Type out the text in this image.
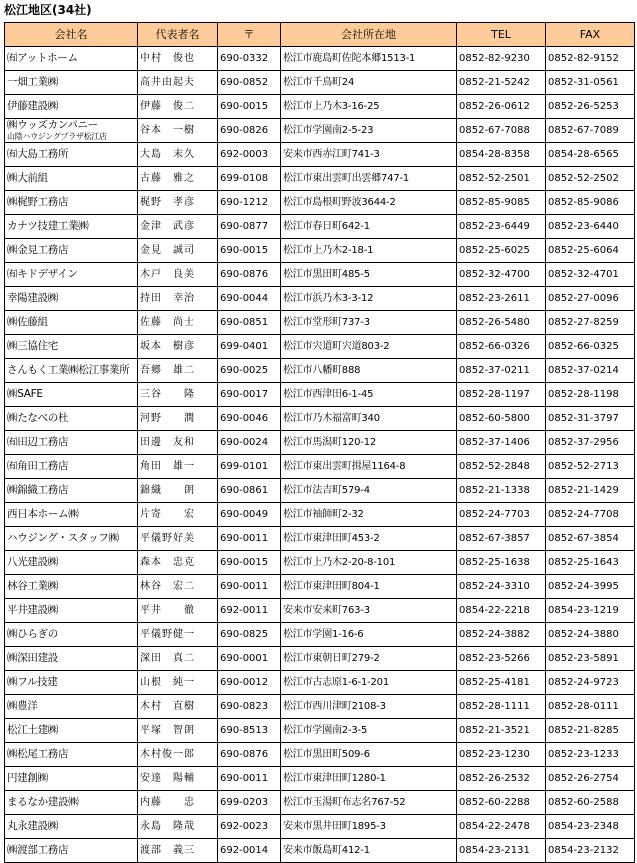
松江地区(34社)
会社名	代表者名	〒	会社所在地	TEL	FAX
㈲アットホーム	中村　俊也	690-0332	松江市鹿島町佐陀本郷1513-1	0852-82-9230	0852-82-9152
一畑工業㈱	高井由起夫	690-0852	松江市千鳥町24	0852-21-5242	0852-31-0561
伊藤建設㈱	伊藤　俊二	690-0015	松江市上乃木3-16-25	0852-26-0612	0852-26-5253

㈱ウッズカンパニー
山陰ハウジングプラザ松江店	谷本　一樹	690-0826	松江市学園南2-5-23	0852-67-7088	0852-67-7089
㈲大島工務所	大島　末久	692-0003	安来市西赤江町741-3	0854-28-8358	0854-28-6565
㈱大前組	古藤　雅之	699-0108	松江市東出雲町出雲郷747-1	0852-52-2501	0852-52-2502
㈱梶野工務店	梶野　孝彦	690-1212	松江市島根町野波3644-2	0852-85-9085	0852-85-9086
カナツ技建工業㈱	金津　武彦	690-0877	松江市春日町642-1	0852-23-6449	0852-23-6440
㈱金見工務店	金見　誠司	690-0015	松江市上乃木2-18-1	0852-25-6025	0852-25-6064
㈲キドデザイン	木戸　良美	690-0876	松江市黒田町485-5	0852-32-4700	0852-32-4701
幸陽建設㈱	持田　幸治	690-0044	松江市浜乃木3-3-12	0852-23-2611	0852-27-0096
㈱佐藤組	佐藤　尚士	690-0851	松江市堂形町737-3	0852-26-5480	0852-27-8259
㈱三協住宅	坂本　樹彦	699-0401	松江市宍道町宍道803-2	0852-66-0326	0852-66-0325
さんもく工業㈱松江事業所	吾郷　雄二	690-0025	松江市八幡町888	0852-37-0211	0852-37-0214
㈱SAFE	三谷　　隆	690-0017	松江市西津田6-1-45	0852-28-1197	0852-28-1198
㈱たなべの杜	河野　　潤	690-0046	松江市乃木福富町340	0852-60-5800	0852-31-3797
㈲田辺工務店	田邊　友和	690-0024	松江市馬潟町120-12	0852-37-1406	0852-37-2956
㈲角田工務店	角田　雄一	699-0101	松江市東出雲町揖屋1164-8	0852-52-2848	0852-52-2713
㈱錦織工務店	錦織　　朗	690-0861	松江市法吉町579-4	0852-21-1338	0852-21-1429
西日本ホーム㈱	片寄　　宏	690-0049	松江市袖師町2-32	0852-24-7703	0852-24-7708
ハウジング・スタッフ㈱	平儀野好美	690-0011	松江市東津田町453-2	0852-67-3857	0852-67-3854
八光建設㈱	森本　忠克	690-0015	松江市上乃木2-20-8-101	0852-25-1638	0852-25-1643
林谷工業㈱	林谷　宏二	690-0011	松江市東津田町804-1	0852-24-3310	0852-24-3995
平井建設㈱	平井　　徹	692-0011	安来市安来町763-3	0854-22-2218	0854-23-1219
㈱ひらぎの	平儀野健一	690-0825	松江市学園1-16-6	0852-24-3882	0852-24-3880
㈱深田建設	深田　真二	690-0001	松江市東朝日町279-2	0852-23-5266	0852-23-5891
㈱フル技建	山根　純一	690-0012	松江市古志原1-6-1-201	0852-25-4181	0852-24-9723
㈱豊洋	木村　直樹	690-0823	松江市西川津町2108-3	0852-28-1111	0852-28-0111
松江土建㈱	平塚　智朗	690-8513	松江市学園南2-3-5	0852-21-3521	0852-21-8285
㈱松尾工務店	木村俊一郎	690-0876	松江市黒田町509-6	0852-23-1230	0852-23-1233
円建創㈱	安達　陽輔	690-0011	松江市東津田町1280-1	0852-26-2532	0852-26-2754
まるなか建設㈱	内藤　　忠	699-0203	松江市玉湯町布志名767-52	0852-60-2288	0852-60-2588
丸永建設㈱	永島　隆哉	692-0023	安来市黒井田町1895-3	0854-22-2478	0854-23-2348
㈱渡部工務店	渡部　義三	692-0014	安来市飯島町412-1	0854-23-2131	0854-23-2132
